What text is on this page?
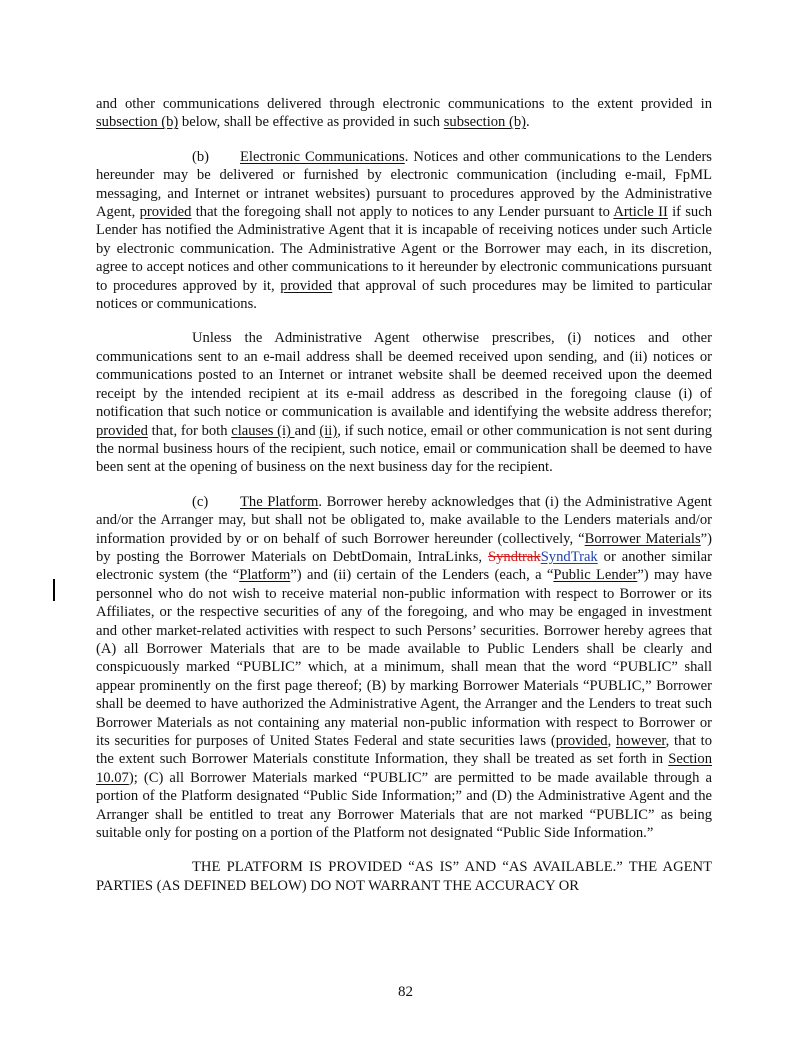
and other communications delivered through electronic communications to the extent provided in subsection (b) below, shall be effective as provided in such subsection (b).

(b) Electronic Communications. Notices and other communications to the Lenders hereunder may be delivered or furnished by electronic communication (including e-mail, FpML messaging, and Internet or intranet websites) pursuant to procedures approved by the Administrative Agent, provided that the foregoing shall not apply to notices to any Lender pursuant to Article II if such Lender has notified the Administrative Agent that it is incapable of receiving notices under such Article by electronic communication. The Administrative Agent or the Borrower may each, in its discretion, agree to accept notices and other communications to it hereunder by electronic communications pursuant to procedures approved by it, provided that approval of such procedures may be limited to particular notices or communications.

Unless the Administrative Agent otherwise prescribes, (i) notices and other communications sent to an e-mail address shall be deemed received upon sending, and (ii) notices or communications posted to an Internet or intranet website shall be deemed received upon the deemed receipt by the intended recipient at its e-mail address as described in the foregoing clause (i) of notification that such notice or communication is available and identifying the website address therefor; provided that, for both clauses (i) and (ii), if such notice, email or other communication is not sent during the normal business hours of the recipient, such notice, email or communication shall be deemed to have been sent at the opening of business on the next business day for the recipient.

(c) The Platform. Borrower hereby acknowledges that (i) the Administrative Agent and/or the Arranger may, but shall not be obligated to, make available to the Lenders materials and/or information provided by or on behalf of such Borrower hereunder (collectively, “Borrower Materials”) by posting the Borrower Materials on DebtDomain, IntraLinks, SyndtrakSyndTrak or another similar electronic system (the “Platform”) and (ii) certain of the Lenders (each, a “Public Lender”) may have personnel who do not wish to receive material non-public information with respect to Borrower or its Affiliates, or the respective securities of any of the foregoing, and who may be engaged in investment and other market-related activities with respect to such Persons’ securities. Borrower hereby agrees that (A) all Borrower Materials that are to be made available to Public Lenders shall be clearly and conspicuously marked “PUBLIC” which, at a minimum, shall mean that the word “PUBLIC” shall appear prominently on the first page thereof; (B) by marking Borrower Materials “PUBLIC,” Borrower shall be deemed to have authorized the Administrative Agent, the Arranger and the Lenders to treat such Borrower Materials as not containing any material non-public information with respect to Borrower or its securities for purposes of United States Federal and state securities laws (provided, however, that to the extent such Borrower Materials constitute Information, they shall be treated as set forth in Section 10.07); (C) all Borrower Materials marked “PUBLIC” are permitted to be made available through a portion of the Platform designated “Public Side Information;” and (D) the Administrative Agent and the Arranger shall be entitled to treat any Borrower Materials that are not marked “PUBLIC” as being suitable only for posting on a portion of the Platform not designated “Public Side Information.”

THE PLATFORM IS PROVIDED “AS IS” AND “AS AVAILABLE.” THE AGENT PARTIES (AS DEFINED BELOW) DO NOT WARRANT THE ACCURACY OR

82
